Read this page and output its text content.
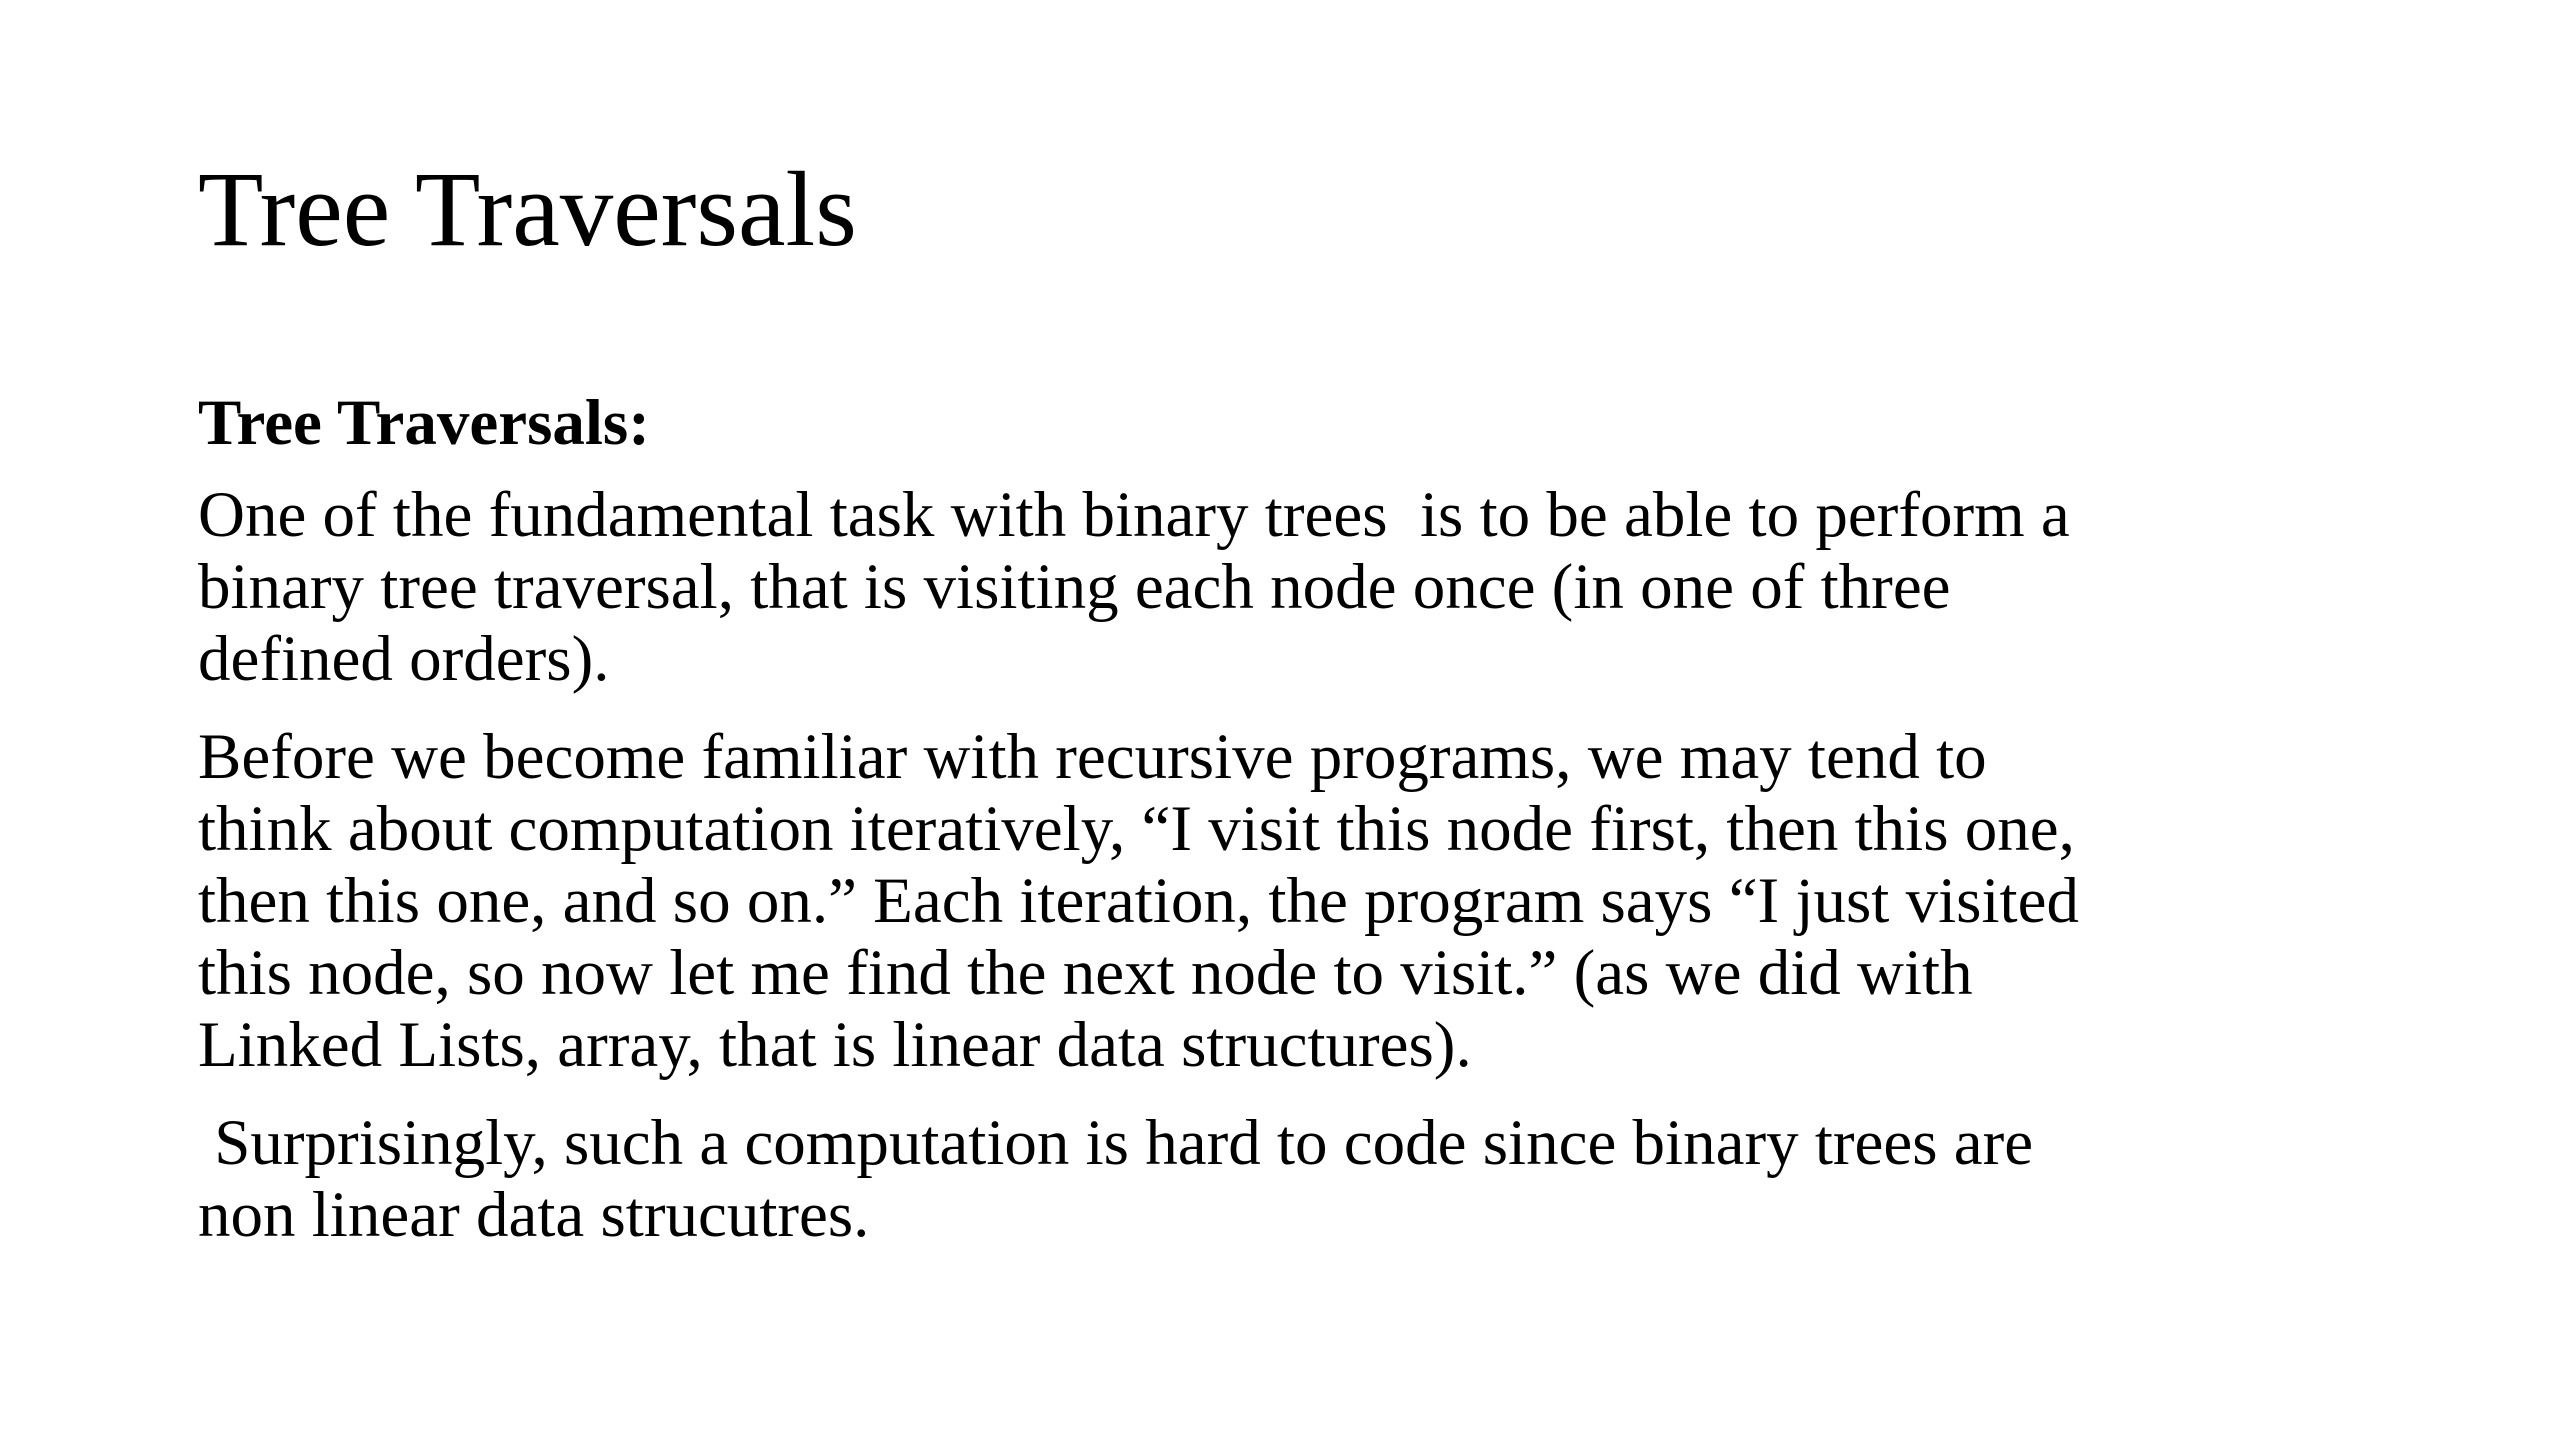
Tree Traversals
Tree Traversals:

One of the fundamental task with binary trees  is to be able to perform a
binary tree traversal, that is visiting each node once (in one of three
defined orders).

Before we become familiar with recursive programs, we may tend to
think about computation iteratively, “I visit this node first, then this one,
then this one, and so on.” Each iteration, the program says “I just visited
this node, so now let me find the next node to visit.” (as we did with
Linked Lists, array, that is linear data structures).

Surprisingly, such a computation is hard to code since binary trees are
non linear data strucutres.
